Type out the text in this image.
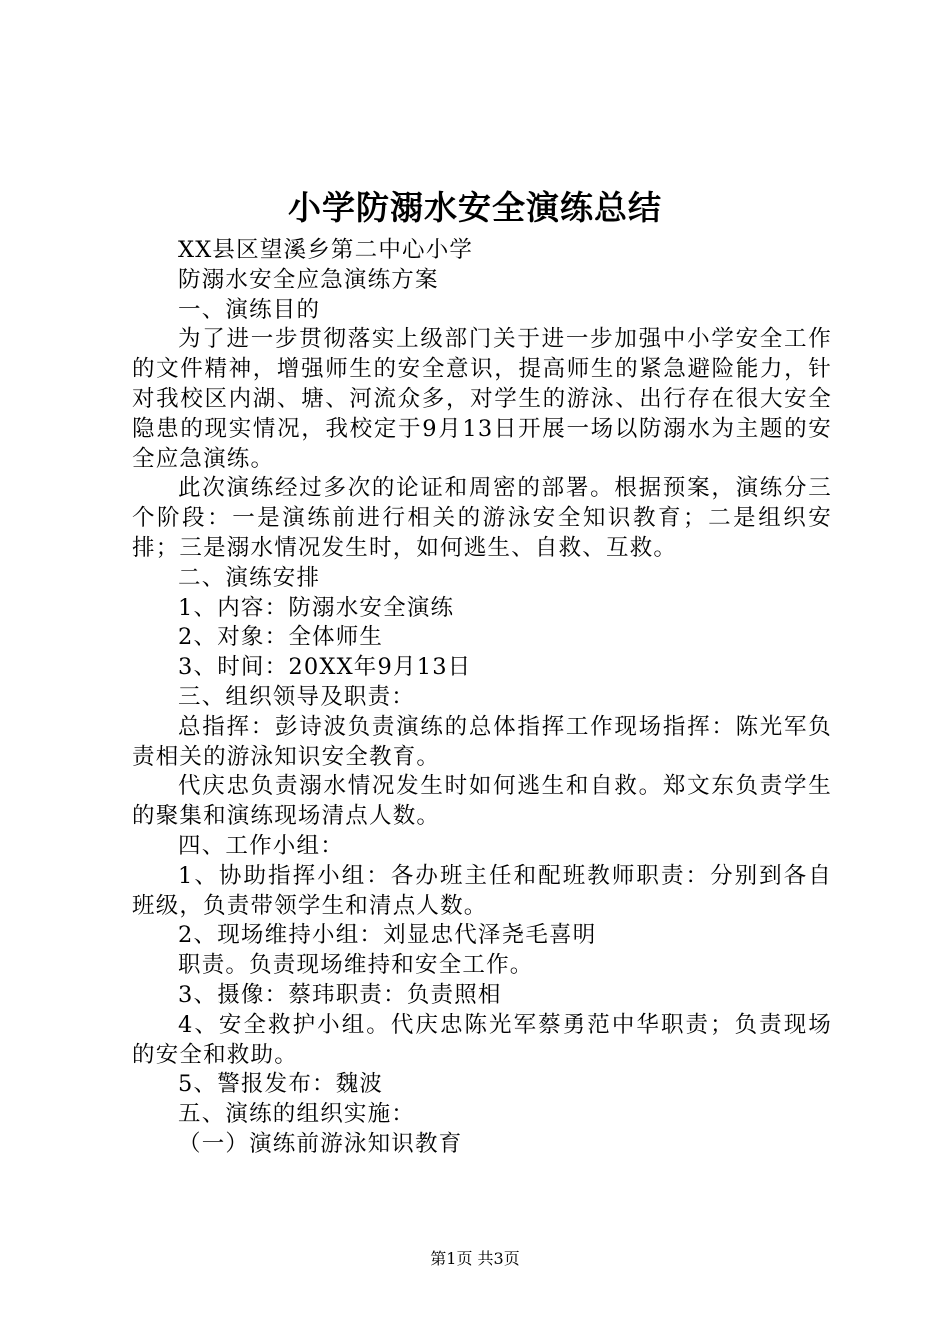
小学防溺水安全演练总结

XX县区望溪乡第二中心小学

防溺水安全应急演练方案

一、演练目的

为了进一步贯彻落实上级部门关于进一步加强中小学安全工作的文件精神，增强师生的安全意识，提高师生的紧急避险能力，针对我校区内湖、塘、河流众多，对学生的游泳、出行存在很大安全隐患的现实情况，我校定于9月13日开展一场以防溺水为主题的安全应急演练。

此次演练经过多次的论证和周密的部署。根据预案，演练分三个阶段：一是演练前进行相关的游泳安全知识教育；二是组织安排；三是溺水情况发生时，如何逃生、自救、互救。

二、演练安排

1、内容：防溺水安全演练

2、对象：全体师生

3、时间：20XX年9月13日

三、组织领导及职责：

总指挥：彭诗波负责演练的总体指挥工作现场指挥：陈光军负责相关的游泳知识安全教育。

代庆忠负责溺水情况发生时如何逃生和自救。郑文东负责学生的聚集和演练现场清点人数。

四、工作小组：

1、协助指挥小组：各办班主任和配班教师职责：分别到各自班级，负责带领学生和清点人数。

2、现场维持小组：刘显忠代泽尧毛喜明

职责。负责现场维持和安全工作。

3、摄像：蔡玮职责：负责照相

4、安全救护小组。代庆忠陈光军蔡勇范中华职责；负责现场的安全和救助。

5、警报发布：魏波

五、演练的组织实施：

（一）演练前游泳知识教育

第1页 共3页
